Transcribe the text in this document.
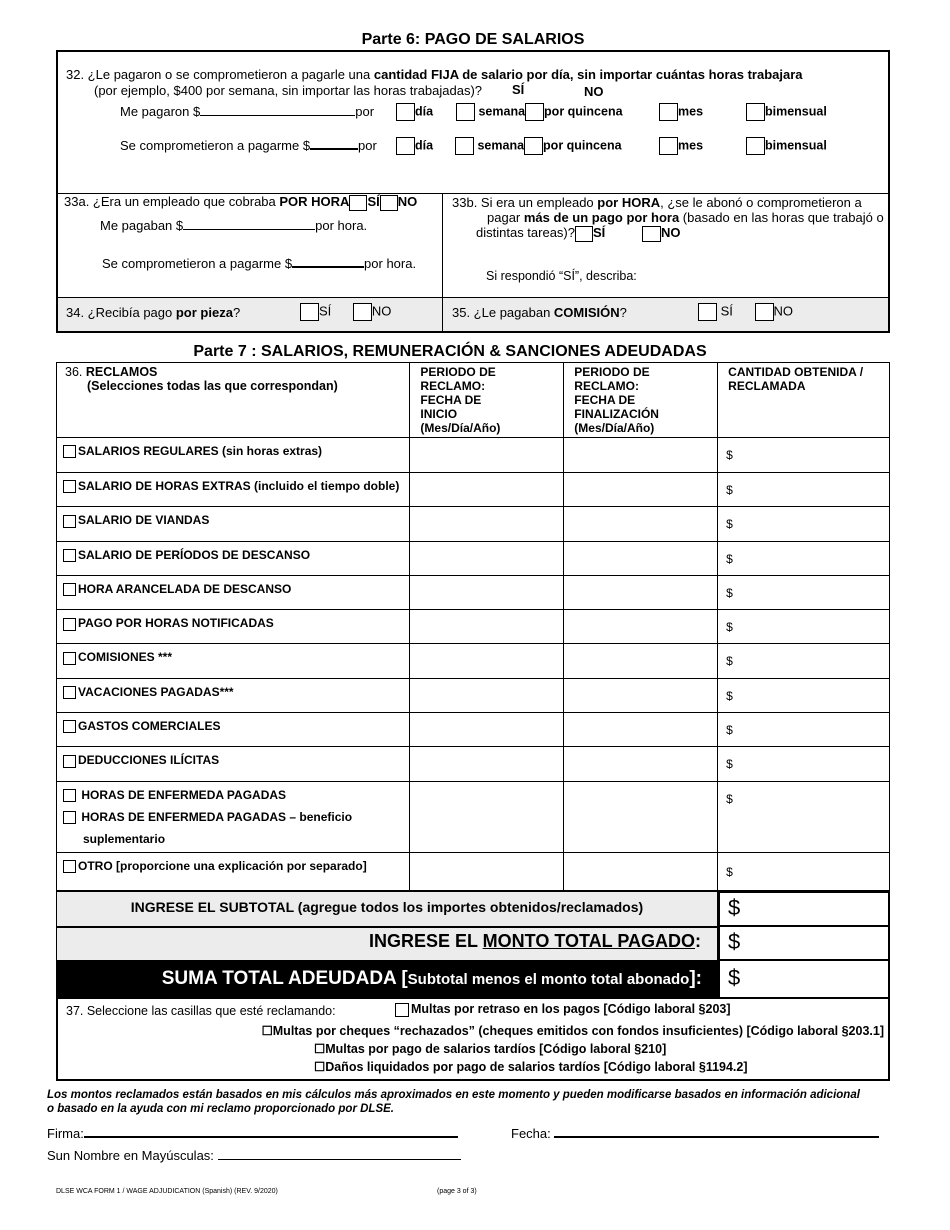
Parte 6: PAGO DE SALARIOS
32. ¿Le pagaron o se comprometieron a pagarle una cantidad FIJA de salario por día, sin importar cuántas horas trabajara
(por ejemplo, $400 por semana, sin importar las horas trabajadas)? SÍ	NO
Me pagaron $	por	día	semana por quincena	mes	bimensual
Se comprometieron a pagarme $	por	día	semana por quincena	mes	bimensual
33a. ¿Era un empleado que cobraba POR HORA SÍ NO
Me pagaban $	por hora.
Se comprometieron a pagarme $	por hora.
33b. Si era un empleado por HORA, ¿se le abonó o comprometieron a
pagar más de un pago por hora (basado en las horas que trabajó o
distintas tareas)? SÍ	NO
Si respondió “SÍ”, describa:
34. ¿Recibía pago por pieza?	SÍ	NO	35. ¿Le pagaban COMISIÓN?	SÍ	NO
Parte 7 : SALARIOS, REMUNERACIÓN & SANCIONES ADEUDADAS
36. RECLAMOS
(Selecciones todas las que correspondan)	PERIODO DE
RECLAMO:
FECHA DE
INICIO
(Mes/Día/Año)	PERIODO DE
RECLAMO:
FECHA DE
FINALIZACIÓN
(Mes/Día/Año)	CANTIDAD OBTENIDA /
RECLAMADA
SALARIOS REGULARES (sin horas extras)			$
SALARIO DE HORAS EXTRAS (incluido el tiempo doble)			$
SALARIO DE VIANDAS			$
SALARIO DE PERÍODOS DE DESCANSO			$
HORA ARANCELADA DE DESCANSO			$
PAGO POR HORAS NOTIFICADAS			$
COMISIONES ***			$
VACACIONES PAGADAS***			$
GASTOS COMERCIALES			$
DEDUCCIONES ILÍCITAS			$
HORAS DE ENFERMEDA PAGADAS
HORAS DE ENFERMEDA PAGADAS – beneficio
suplementario			$
OTRO [proporcione una explicación por separado]			$
INGRESE EL SUBTOTAL (agregue todos los importes obtenidos/reclamados)	$
INGRESE EL MONTO TOTAL PAGADO: $
SUMA TOTAL ADEUDADA [Subtotal menos el monto total abonado]: $
37. Seleccione las casillas que esté reclamando:	Multas por retraso en los pagos [Código laboral §203]
☐Multas por cheques “rechazados” (cheques emitidos con fondos insuficientes) [Código laboral §203.1]
☐Multas por pago de salarios tardíos [Código laboral §210]
☐Daños liquidados por pago de salarios tardíos [Código laboral §1194.2]
Los montos reclamados están basados en mis cálculos más aproximados en este momento y pueden modificarse basados en información adicional
o basado en la ayuda con mi reclamo proporcionado por DLSE.
Firma:	Fecha:
Sun Nombre en Mayúsculas:
DLSE WCA FORM 1 / WAGE ADJUDICATION (Spanish) (REV. 9/2020)	(page 3 of 3)
